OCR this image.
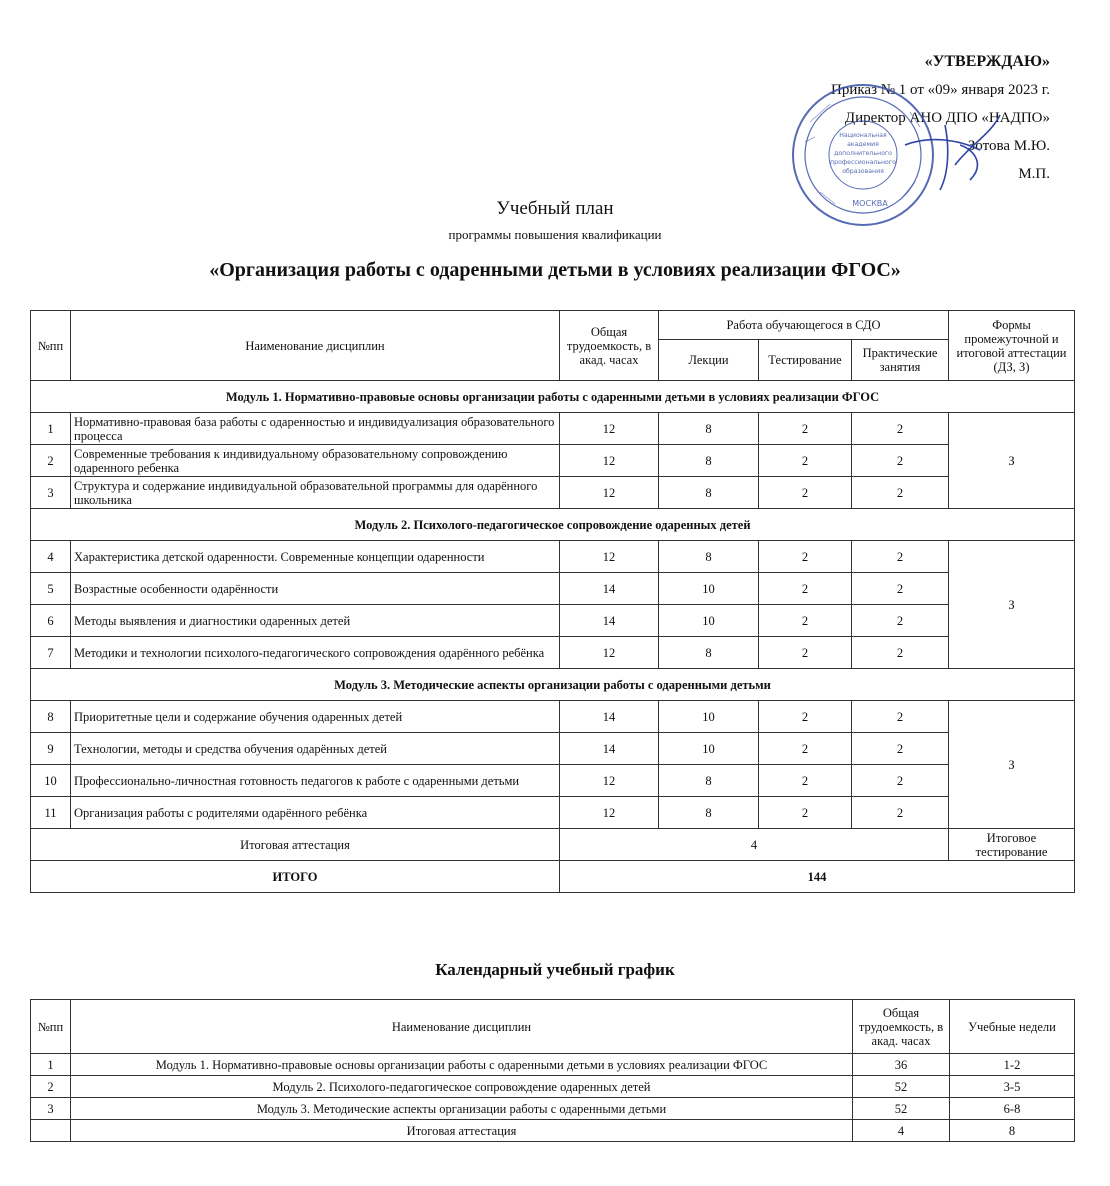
«УТВЕРЖДАЮ»
Приказ № 1 от «09» января 2023 г.
Директор АНО ДПО «НАДПО»
Зотова М.Ю.
М.П.
Национальная
академия
дополнительного
профессионального
образования
МОСКВА
Учебный план
программы повышения квалификации
«Организация работы с одаренными детьми в условиях реализации ФГОС»
№пп	Наименование дисциплин	Общая трудоемкость, в акад. часах	Работа обучающегося в СДО			Формы промежуточной и итоговой аттестации (ДЗ, З)
			Лекции	Тестирование	Практические занятия	
Модуль 1. Нормативно-правовые основы организации работы с одаренными детьми в условиях реализации ФГОС						
1	Нормативно-правовая база работы с одаренностью и индивидуализация образовательного процесса	12	8	2	2	З
2	Современные требования к индивидуальному образовательному сопровождению одаренного ребенка	12	8	2	2	
3	Структура и содержание индивидуальной образовательной программы для одарённого школьника	12	8	2	2	
Модуль 2. Психолого-педагогическое сопровождение одаренных детей						
4	Характеристика детской одаренности. Современные концепции одаренности	12	8	2	2	З
5	Возрастные особенности одарённости	14	10	2	2	
6	Методы выявления и диагностики одаренных детей	14	10	2	2	
7	Методики и технологии психолого-педагогического сопровождения одарённого ребёнка	12	8	2	2	
Модуль 3. Методические аспекты организации работы с одаренными детьми						
8	Приоритетные цели и содержание обучения одаренных детей	14	10	2	2	З
9	Технологии, методы и средства обучения одарённых детей	14	10	2	2	
10	Профессионально-личностная готовность педагогов к работе с одаренными детьми	12	8	2	2	
11	Организация работы с родителями одарённого ребёнка	12	8	2	2	
Итоговая аттестация		4				Итоговое тестирование
ИТОГО		144				
Календарный учебный график
№пп	Наименование дисциплин	Общая трудоемкость, в акад. часах	Учебные недели
1	Модуль 1. Нормативно-правовые основы организации работы с одаренными детьми в условиях реализации ФГОС	36	1-2
2	Модуль 2. Психолого-педагогическое сопровождение одаренных детей	52	3-5
3	Модуль 3. Методические аспекты организации работы с одаренными детьми	52	6-8
	Итоговая аттестация	4	8
